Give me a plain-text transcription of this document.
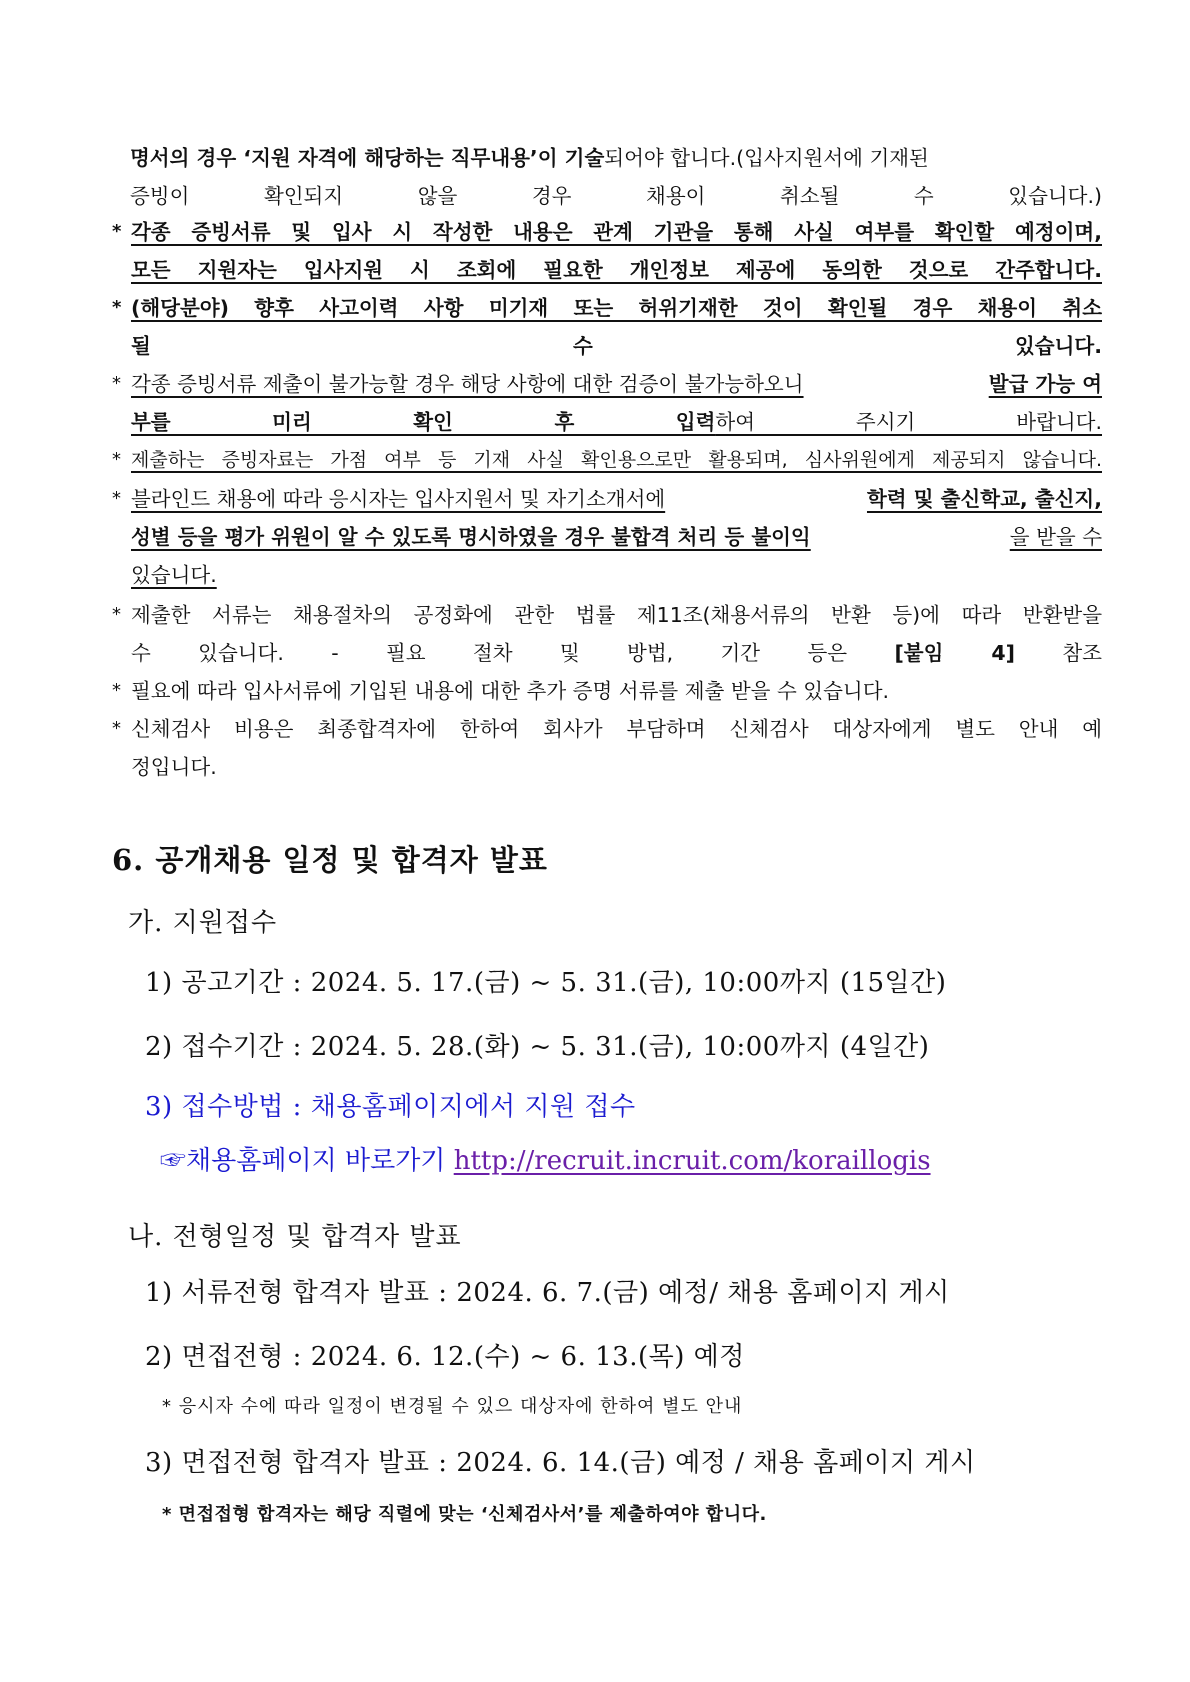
명서의 경우 ‘지원 자격에 해당하는 직무내용’이 기술되어야 합니다.(입사지원서에 기재된
증빙이 확인되지 않을 경우 채용이 취소될 수 있습니다.)
* 각종 증빙서류 및 입사 시 작성한 내용은 관계 기관을 통해 사실 여부를 확인할 예정이며,
모든 지원자는 입사지원 시 조회에 필요한 개인정보 제공에 동의한 것으로 간주합니다.
* (해당분야) 향후 사고이력 사항 미기재 또는 허위기재한 것이 확인될 경우 채용이 취소
될 수 있습니다.
* 각종 증빙서류 제출이 불가능할 경우 해당 사항에 대한 검증이 불가능하오니	발급 가능 여
부를 미리 확인 후 입력하여 주시기 바랍니다.
* 제출하는 증빙자료는 가점 여부 등 기재 사실 확인용으로만 활용되며, 심사위원에게 제공되지 않습니다.
* 블라인드 채용에 따라 응시자는 입사지원서 및 자기소개서에	학력 및 출신학교, 출신지,
성별 등을 평가 위원이 알 수 있도록 명시하였을 경우 불합격 처리 등 불이익	을 받을 수
있습니다.
* 제출한 서류는 채용절차의 공정화에 관한 법률 제11조(채용서류의 반환 등)에 따라 반환받을
수 있습니다. - 필요 절차 및 방법, 기간 등은 [붙임 4] 참조
* 필요에 따라 입사서류에 기입된 내용에 대한 추가 증명 서류를 제출 받을 수 있습니다.
* 신체검사 비용은 최종합격자에 한하여 회사가 부담하며 신체검사 대상자에게 별도 안내 예
정입니다.
6. 공개채용 일정 및 합격자 발표
가. 지원접수
1) 공고기간 : 2024. 5. 17.(금) ~ 5. 31.(금), 10:00까지 (15일간)
2) 접수기간 : 2024. 5. 28.(화) ~ 5. 31.(금), 10:00까지 (4일간)
3) 접수방법 : 채용홈페이지에서 지원 접수
☞채용홈페이지 바로가기 http://recruit.incruit.com/koraillogis
나. 전형일정 및 합격자 발표
1) 서류전형 합격자 발표 : 2024. 6. 7.(금) 예정/ 채용 홈페이지 게시
2) 면접전형 : 2024. 6. 12.(수) ~ 6. 13.(목) 예정
* 응시자 수에 따라 일정이 변경될 수 있으 대상자에 한하여 별도 안내
3) 면접전형 합격자 발표 : 2024. 6. 14.(금) 예정 / 채용 홈페이지 게시
* 면접접형 합격자는 해당 직렬에 맞는 ‘신체검사서’를 제출하여야 합니다.
